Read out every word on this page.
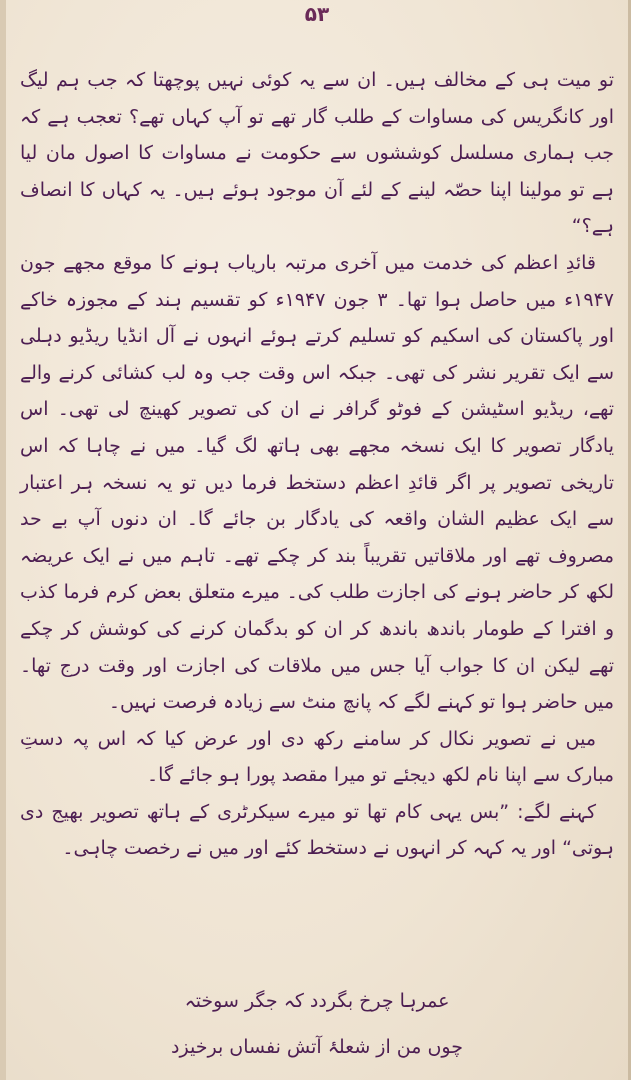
۵۳

تو میت ہی کے مخالف ہیں۔ ان سے یہ کوئی نہیں پوچھتا کہ جب ہم لیگ اور کانگریس کی مساوات کے طلب گار تھے تو آپ کہاں تھے؟ تعجب ہے کہ جب ہماری مسلسل کوششوں سے حکومت نے مساوات کا اصول مان لیا ہے تو مولینا اپنا حصّہ لینے کے لئے آن موجود ہوئے ہیں۔ یہ کہاں کا انصاف ہے؟“

قائدِ اعظم کی خدمت میں آخری مرتبہ باریاب ہونے کا موقع مجھے جون ۱۹۴۷ء میں حاصل ہوا تھا۔ ۳ جون ۱۹۴۷ء کو تقسیم ہند کے مجوزہ خاکے اور پاکستان کی اسکیم کو تسلیم کرتے ہوئے انہوں نے آل انڈیا ریڈیو دہلی سے ایک تقریر نشر کی تھی۔ جبکہ اس وقت جب وہ لب کشائی کرنے والے تھے، ریڈیو اسٹیشن کے فوٹو گرافر نے ان کی تصویر کھینچ لی تھی۔ اس یادگار تصویر کا ایک نسخہ مجھے بھی ہاتھ لگ گیا۔ میں نے چاہا کہ اس تاریخی تصویر پر اگر قائدِ اعظم دستخط فرما دیں تو یہ نسخہ ہر اعتبار سے ایک عظیم الشان واقعہ کی یادگار بن جائے گا۔ ان دنوں آپ بے حد مصروف تھے اور ملاقاتیں تقریباً بند کر چکے تھے۔ تاہم میں نے ایک عریضہ لکھ کر حاضر ہونے کی اجازت طلب کی۔ میرے متعلق بعض کرم فرما کذب و افترا کے طومار باندھ باندھ کر ان کو بدگمان کرنے کی کوشش کر چکے تھے لیکن ان کا جواب آیا جس میں ملاقات کی اجازت اور وقت درج تھا۔ میں حاضر ہوا تو کہنے لگے کہ پانچ منٹ سے زیادہ فرصت نہیں۔

میں نے تصویر نکال کر سامنے رکھ دی اور عرض کیا کہ اس پہ دستِ مبارک سے اپنا نام لکھ دیجئے تو میرا مقصد پورا ہو جائے گا۔

کہنے لگے: ”بس یہی کام تھا تو میرے سیکرٹری کے ہاتھ تصویر بھیج دی ہوتی“ اور یہ کہہ کر انہوں نے دستخط کئے اور میں نے رخصت چاہی۔

عمرہا چرخ بگردد کہ جگر سوختہ
چوں من از شعلۂ آتش نفساں برخیزد
